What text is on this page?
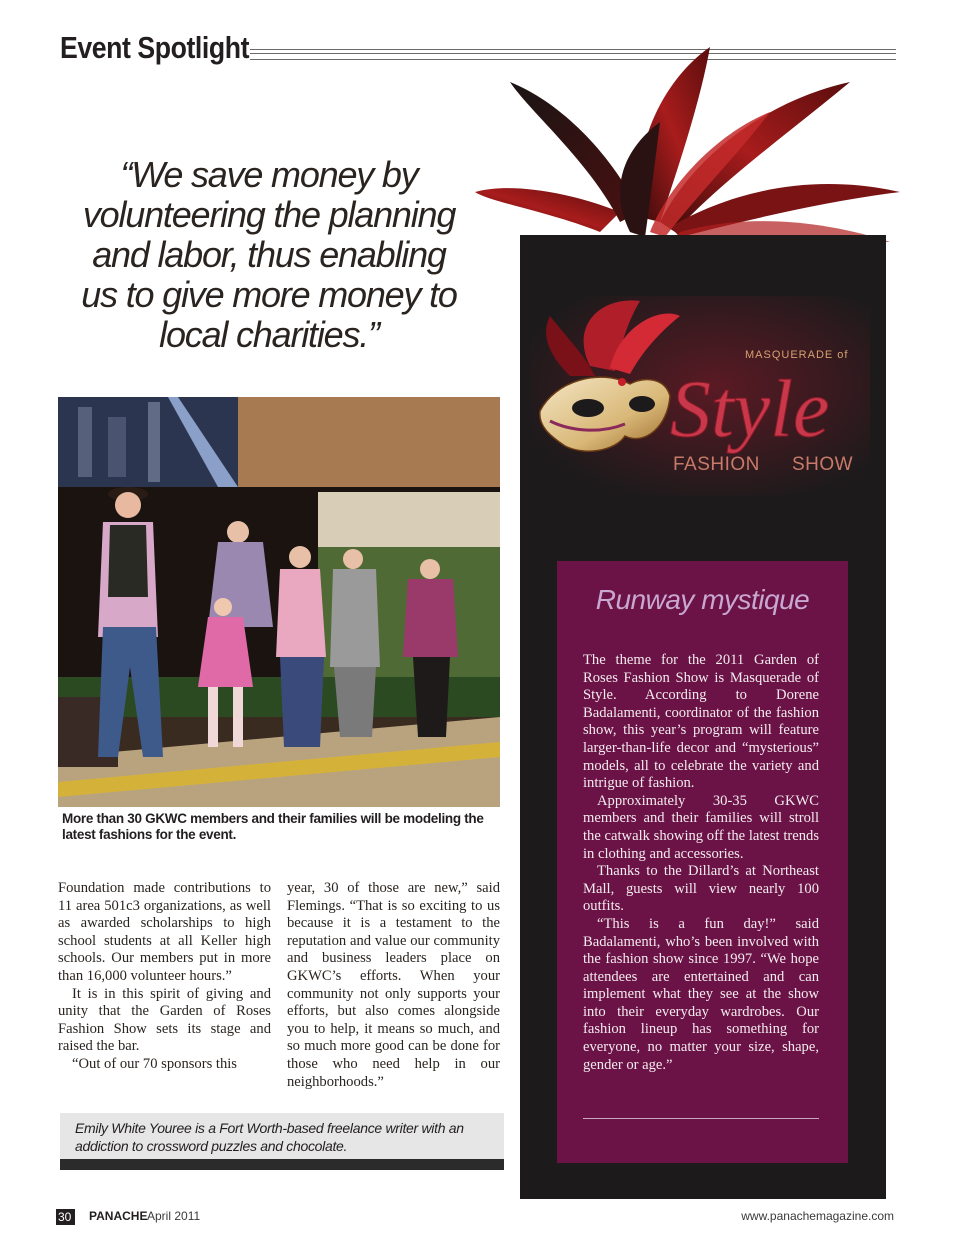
Event Spotlight
“We save money by
volunteering the planning
and labor, thus enabling
us to give more money to
local charities.”
More than 30 GKWC members and their families will be modeling the latest fashions for the event.

Foundation made contributions to 11 area 501c3 organizations, as well as awarded scholarships to high school students at all Keller high schools. Our members put in more than 16,000 volunteer hours.”

It is in this spirit of giving and unity that the Garden of Roses Fashion Show sets its stage and raised the bar.

“Out of our 70 sponsors this

year, 30 of those are new,” said Flemings. “That is so exciting to us because it is a testament to the reputation and value our community and business leaders place on GKWC’s efforts. When your community not only supports your efforts, but also comes alongside you to help, it means so much, and so much more good can be done for those who need help in our neighborhoods.”

Emily White Youree is a Fort Worth-based freelance writer with an addiction to crossword puzzles and chocolate.
MASQUERADE of
Style
FASHION SHOW
Runway mystique

The theme for the 2011 Garden of Roses Fashion Show is Masquerade of Style. According to Dorene Badalamenti, coordinator of the fashion show, this year’s program will feature larger-than-life decor and “mysterious” models, all to celebrate the variety and intrigue of fashion.

Approximately 30-35 GKWC members and their families will stroll the catwalk showing off the latest trends in clothing and accessories.

Thanks to the Dillard’s at Northeast Mall, guests will view nearly 100 outfits.

“This is a fun day!” said Badalamenti, who’s been involved with the fashion show since 1997. “We hope attendees are entertained and can implement what they see at the show into their everyday wardrobes. Our fashion lineup has something for everyone, no matter your size, shape, gender or age.”

30	PANACHE April 2011	www.panachemagazine.com
